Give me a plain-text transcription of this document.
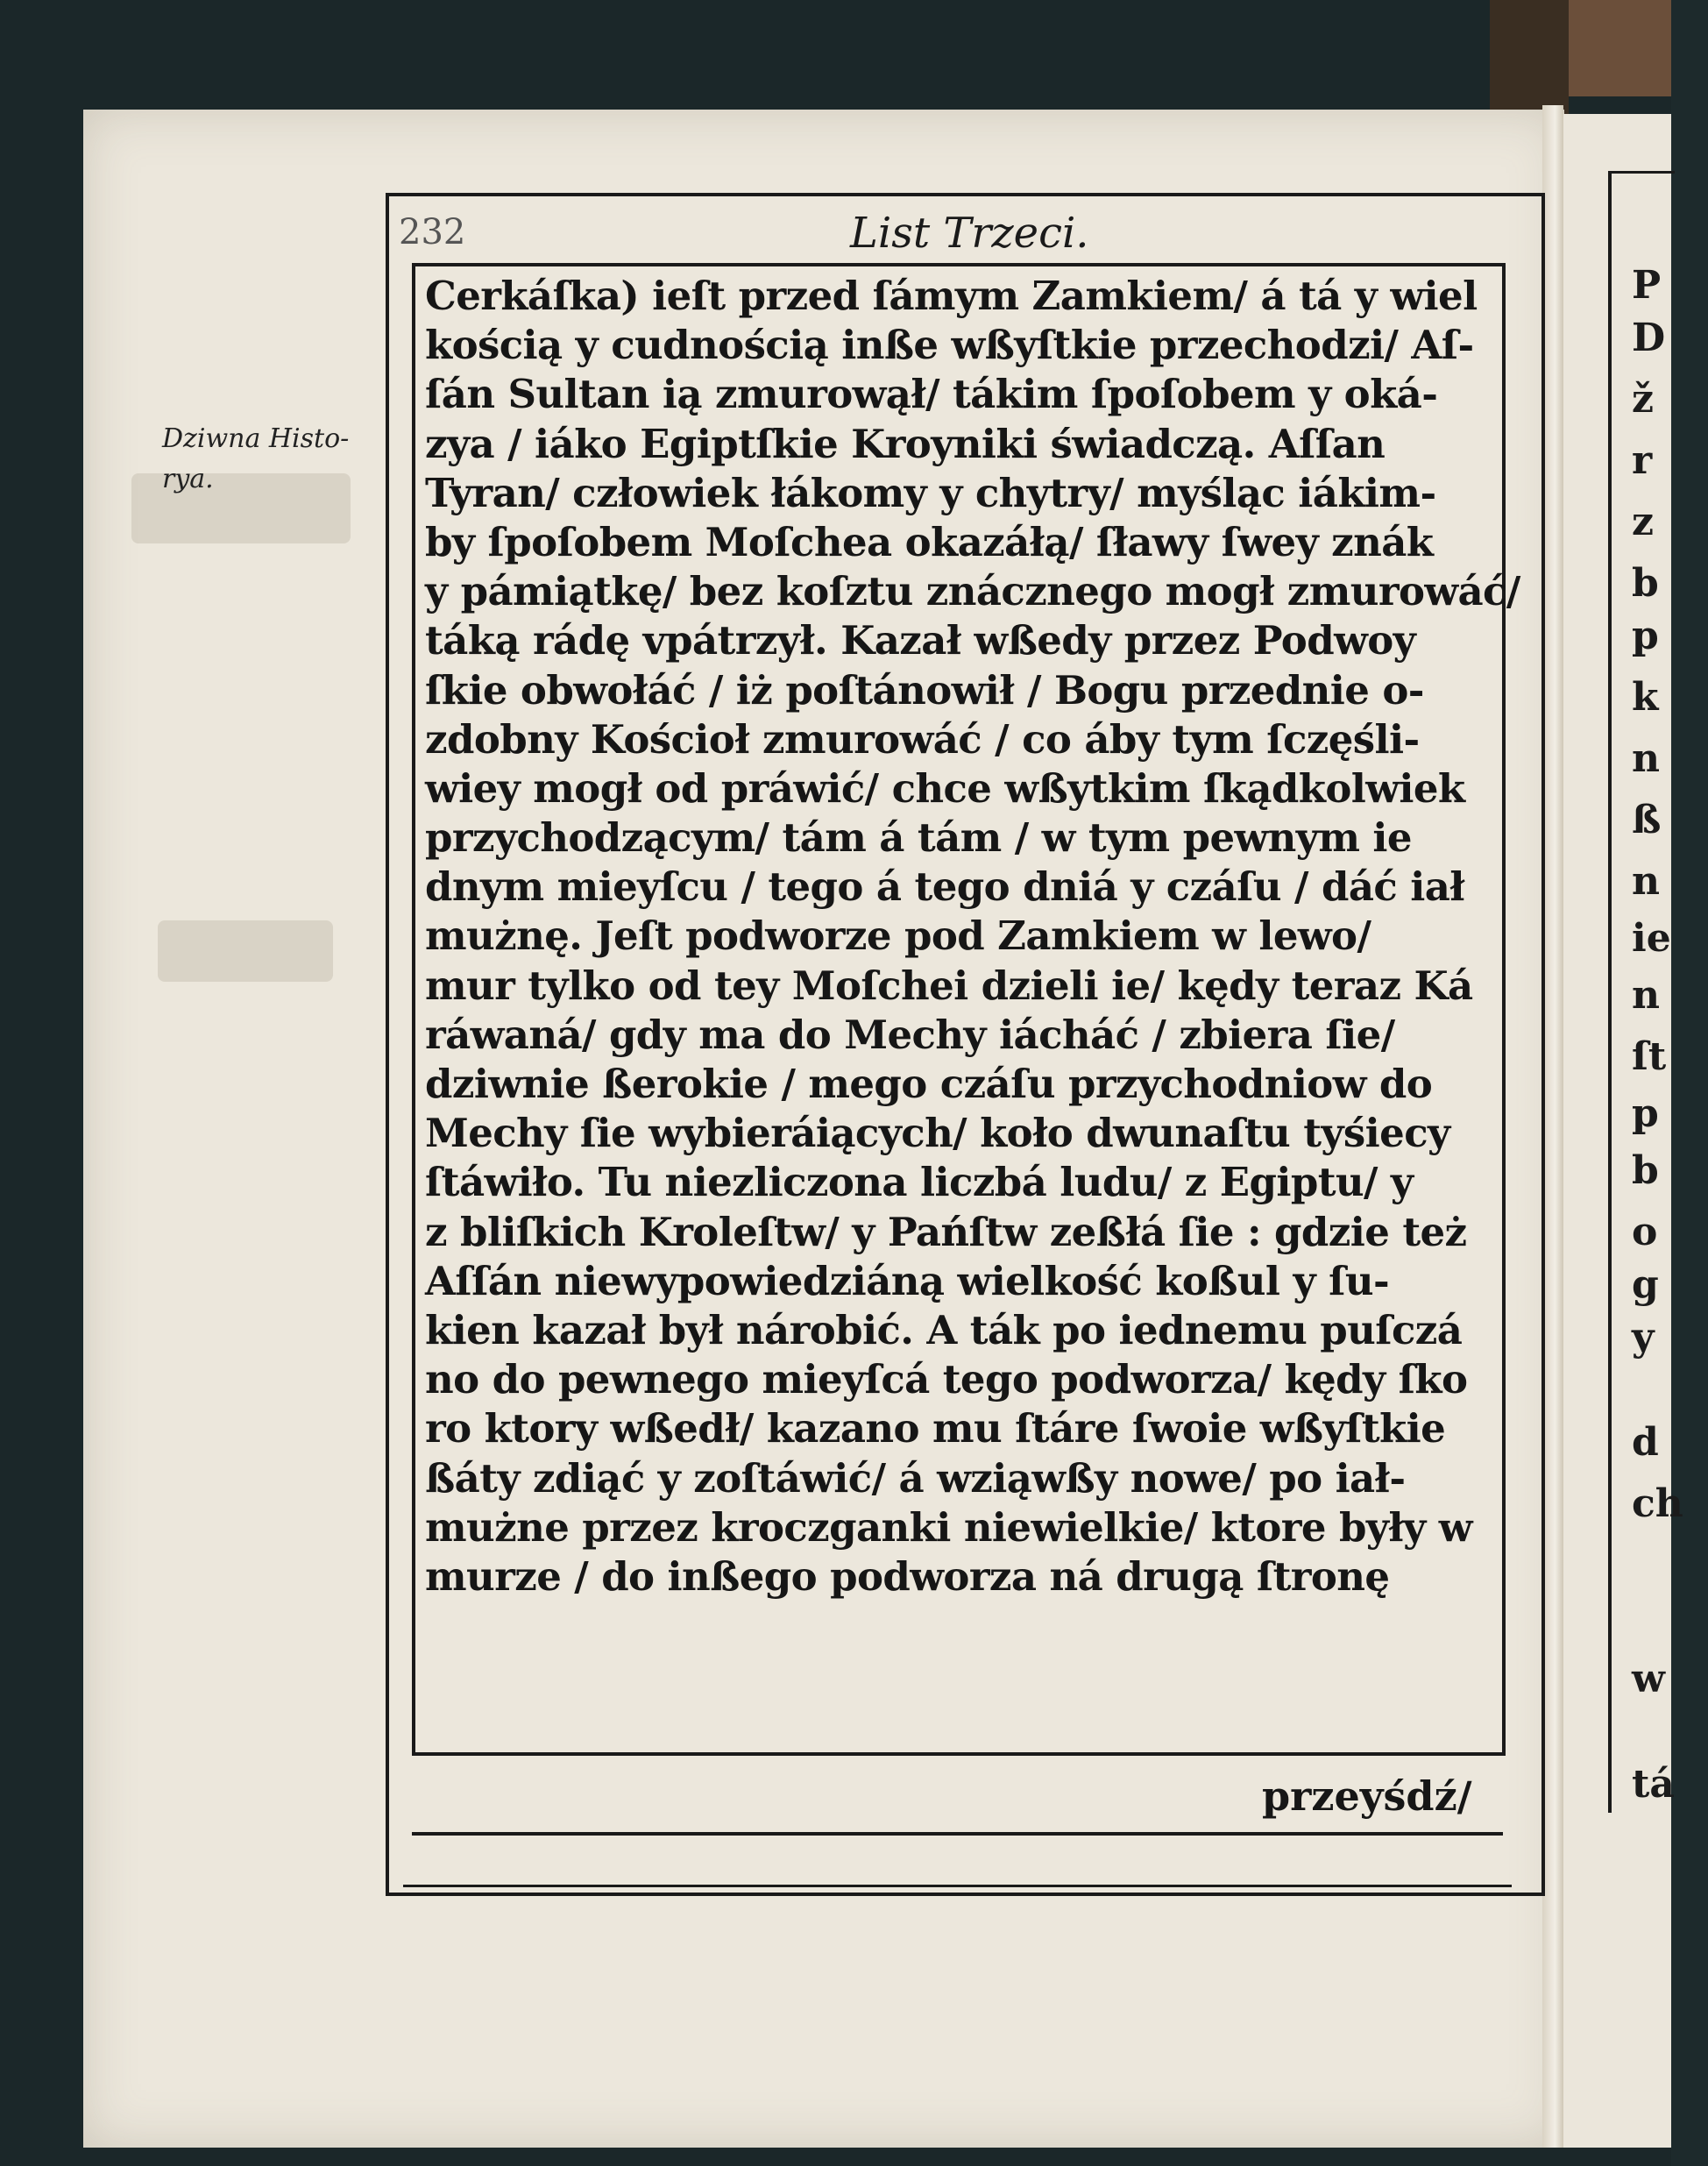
P
D
ž
r
z
b
p
k
n
ß
n
ie
n
ſt
p
b
o
g
y
d
ch
w
tá
232	List Trzeci.
Dziwna Histo-rya.
Cerkáſka) ieſt przed ſámym Zamkiem/ á tá y wiel
kością y cudnością inße wßyſtkie przechodzi/ Aſ-
ſán Sultan ią zmurowął/ tákim ſpoſobem y oká-
zya / iáko Egiptſkie Kroyniki świadczą. Aſſan
Tyran/ człowiek łákomy y chytry/ myśląc iákim-
by ſpoſobem Moſchea okazáłą/ ſławy ſwey znák
y pámiątkę/ bez koſztu znácznego mogł zmurowáć/
táką rádę vpátrzył. Kazał wßedy przez Podwoy
ſkie obwołáć / iż poſtánowił / Bogu przednie o-
zdobny Kościoł zmurowáć / co áby tym ſczęśli-
wiey mogł od práwić/ chce wßytkim ſkądkolwiek
przychodzącym/ tám á tám / w tym pewnym ie
dnym mieyſcu / tego á tego dniá y czáſu / dáć iał
mużnę. Jeſt podworze pod Zamkiem w lewo/
mur tylko od tey Moſchei dzieli ie/ kędy teraz Ká
ráwaná/ gdy ma do Mechy iácháć / zbiera ſie/
dziwnie ßerokie / mego czáſu przychodniow do
Mechy ſie wybieráiących/ koło dwunaſtu tyśiecy
ſtáwiło. Tu niezliczona liczbá ludu/ z Egiptu/ y
z bliſkich Kroleſtw/ y Pańſtw zeßłá ſie : gdzie też
Aſſán niewypowiedziáną wielkość koßul y ſu-
kien kazał był nárobić. A ták po iednemu puſczá
no do pewnego mieyſcá tego podworza/ kędy ſko
ro ktory wßedł/ kazano mu ſtáre ſwoie wßyſtkie
ßáty zdiąć y zoſtáwić/ á wziąwßy nowe/ po iał-
mużne przez kroczganki niewielkie/ ktore były w
murze / do inßego podworza ná drugą ſtronę
przeyśdź/
